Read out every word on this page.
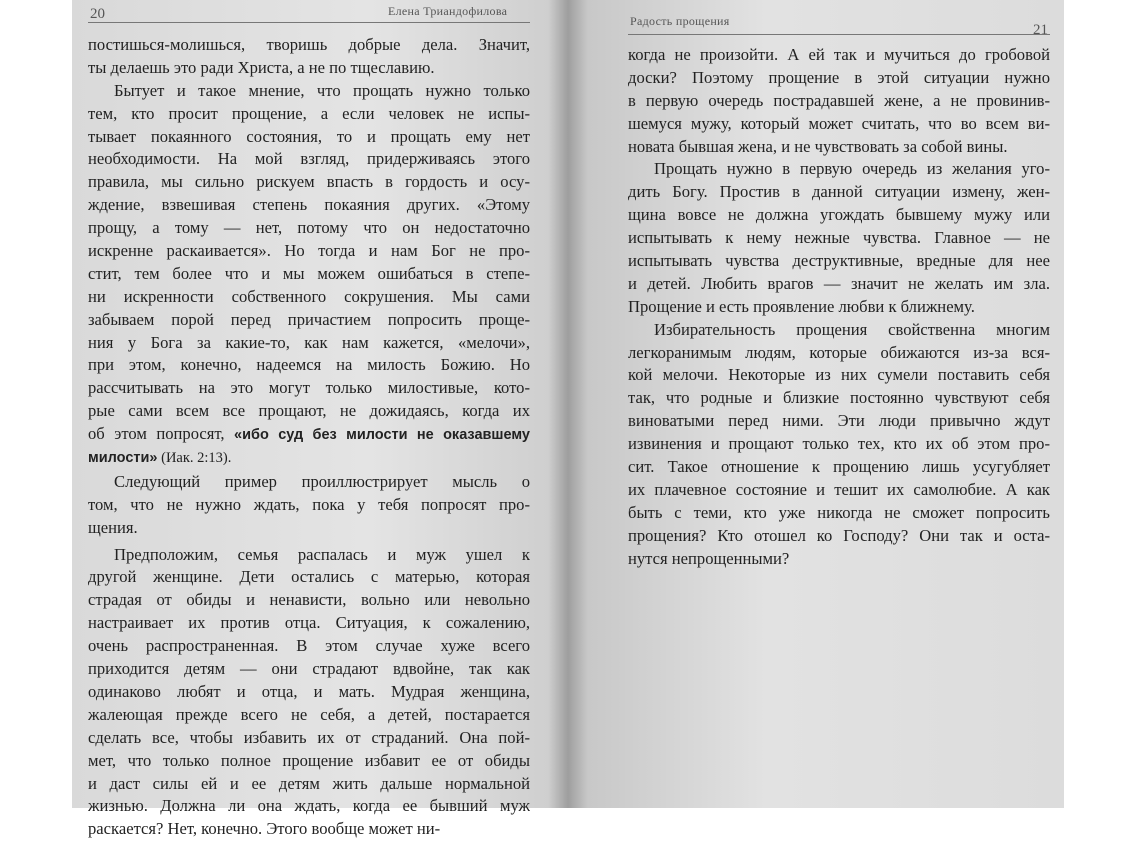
20	Елена Триандофилова
постишься-молишься, творишь добрые дела. Значит,
ты делаешь это ради Христа, а не по тщеславию.
Бытует и такое мнение, что прощать нужно только
тем, кто просит прощение, а если человек не испы-
тывает покаянного состояния, то и прощать ему нет
необходимости. На мой взгляд, придерживаясь этого
правила, мы сильно рискуем впасть в гордость и осу-
ждение, взвешивая степень покаяния других. «Этому
прощу, а тому — нет, потому что он недостаточно
искренне раскаивается». Но тогда и нам Бог не про-
стит, тем более что и мы можем ошибаться в степе-
ни искренности собственного сокрушения. Мы сами
забываем порой перед причастием попросить проще-
ния у Бога за какие-то, как нам кажется, «мелочи»,
при этом, конечно, надеемся на милость Божию. Но
рассчитывать на это могут только милостивые, кото-
рые сами всем все прощают, не дожидаясь, когда их
об этом попросят, «ибо суд без милости не оказавшему
милости» (Иак. 2:13).
Следующий пример проиллюстрирует мысль о
том, что не нужно ждать, пока у тебя попросят про-
щения.
Предположим, семья распалась и муж ушел к
другой женщине. Дети остались с матерью, которая
страдая от обиды и ненависти, вольно или невольно
настраивает их против отца. Ситуация, к сожалению,
очень распространенная. В этом случае хуже всего
приходится детям — они страдают вдвойне, так как
одинаково любят и отца, и мать. Мудрая женщина,
жалеющая прежде всего не себя, а детей, постарается
сделать все, чтобы избавить их от страданий. Она пой-
мет, что только полное прощение избавит ее от обиды
и даст силы ей и ее детям жить дальше нормальной
жизнью. Должна ли она ждать, когда ее бывший муж
раскается? Нет, конечно. Этого вообще может ни-
Радость прощения
21
когда не произойти. А ей так и мучиться до гробовой
доски? Поэтому прощение в этой ситуации нужно
в первую очередь пострадавшей жене, а не провинив-
шемуся мужу, который может считать, что во всем ви-
новата бывшая жена, и не чувствовать за собой вины.
Прощать нужно в первую очередь из желания уго-
дить Богу. Простив в данной ситуации измену, жен-
щина вовсе не должна угождать бывшему мужу или
испытывать к нему нежные чувства. Главное — не
испытывать чувства деструктивные, вредные для нее
и детей. Любить врагов — значит не желать им зла.
Прощение и есть проявление любви к ближнему.
Избирательность прощения свойственна многим
легкоранимым людям, которые обижаются из-за вся-
кой мелочи. Некоторые из них сумели поставить себя
так, что родные и близкие постоянно чувствуют себя
виноватыми перед ними. Эти люди привычно ждут
извинения и прощают только тех, кто их об этом про-
сит. Такое отношение к прощению лишь усугубляет
их плачевное состояние и тешит их самолюбие. А как
быть с теми, кто уже никогда не сможет попросить
прощения? Кто отошел ко Господу? Они так и оста-
нутся непрощенными?
